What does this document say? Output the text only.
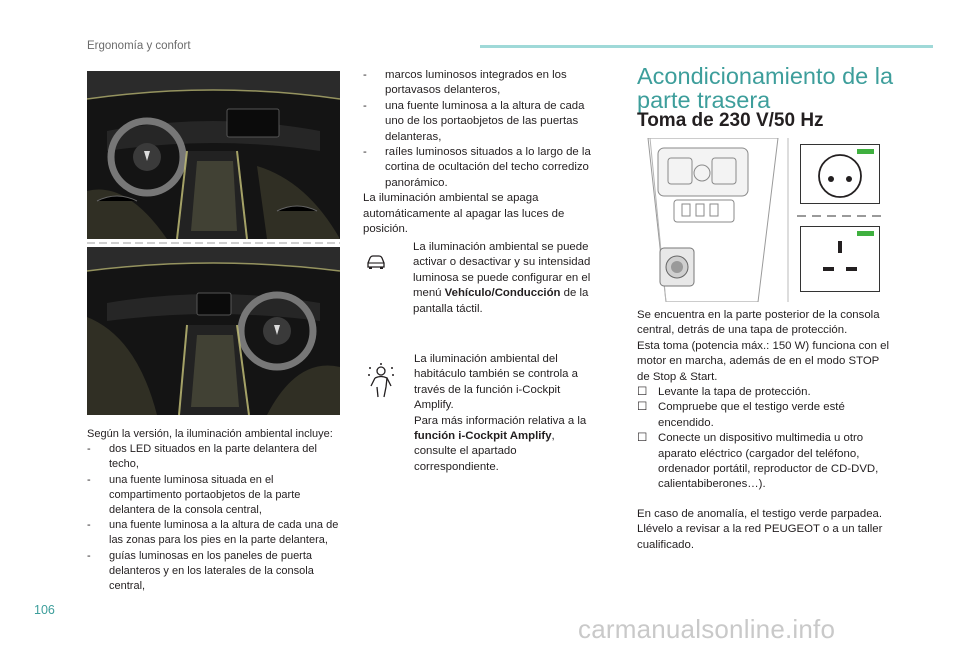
Ergonomía y confort
Según la versión, la iluminación ambiental incluye:
- dos LED situados en la parte delantera del techo,
- una fuente luminosa situada en el compartimento portaobjetos de la parte delantera de la consola central,
- una fuente luminosa a la altura de cada una de las zonas para los pies en la parte delantera,
- guías luminosas en los paneles de puerta delanteros y en los laterales de la consola central,
- marcos luminosos integrados en los portavasos delanteros,
- una fuente luminosa a la altura de cada uno de los portaobjetos de las puertas delanteras,
- raíles luminosos situados a lo largo de la cortina de ocultación del techo corredizo panorámico.
La iluminación ambiental se apaga automáticamente al apagar las luces de posición.
La iluminación ambiental se puede activar o desactivar y su intensidad luminosa se puede configurar en el menú Vehículo/Conducción de la pantalla táctil.
La iluminación ambiental del habitáculo también se controla a través de la función i-Cockpit Amplify.
Para más información relativa a la función i-Cockpit Amplify, consulte el apartado correspondiente.
Acondicionamiento de la
parte trasera
Toma de 230 V/50 Hz
Se encuentra en la parte posterior de la consola central, detrás de una tapa de protección.
Esta toma (potencia máx.: 150 W) funciona con el motor en marcha, además de en el modo STOP de Stop & Start.
☐ Levante la tapa de protección.
☐ Compruebe que el testigo verde esté encendido.
☐ Conecte un dispositivo multimedia u otro aparato eléctrico (cargador del teléfono, ordenador portátil, reproductor de CD-DVD, calientabiberones…).
En caso de anomalía, el testigo verde parpadea.
Llévelo a revisar a la red PEUGEOT o a un taller cualificado.
106
carmanualsonline.info
